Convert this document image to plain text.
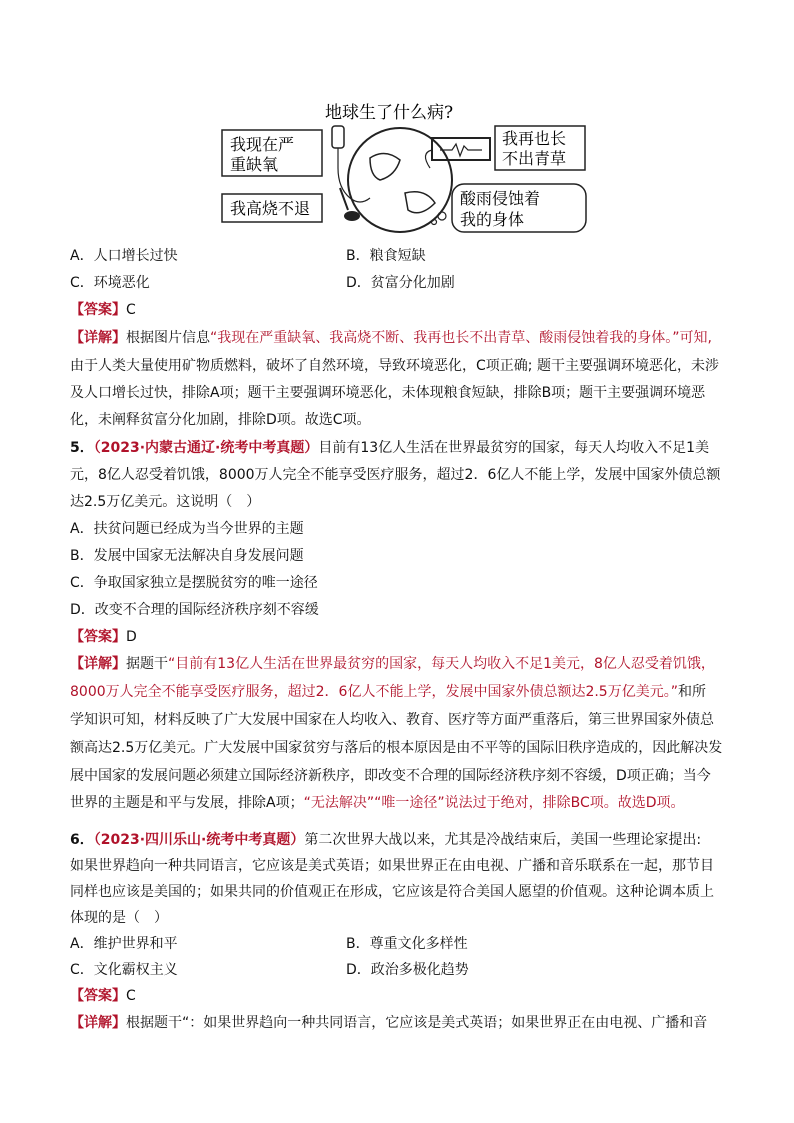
地球生了什么病?
我现在严
重缺氧
我高烧不退
我再也长
不出青草
酸雨侵蚀着
我的身体
A．人口增长过快	B．粮食短缺
C．环境恶化	D．贫富分化加剧
【答案】C
【详解】根据图片信息“我现在严重缺氧、我高烧不断、我再也长不出青草、酸雨侵蚀着我的身体。”可知,
由于人类大量使用矿物质燃料，破坏了自然环境，导致环境恶化，C项正确; 题干主要强调环境恶化，未涉
及人口增长过快，排除A项；题干主要强调环境恶化，未体现粮食短缺，排除B项；题干主要强调环境恶
化，未阐释贫富分化加剧，排除D项。故选C项。
5．（2023·内蒙古通辽·统考中考真题）目前有13亿人生活在世界最贫穷的国家，每天人均收入不足1美
元，8亿人忍受着饥饿，8000万人完全不能享受医疗服务，超过2．6亿人不能上学，发展中国家外债总额
达2.5万亿美元。这说明（　）
A．扶贫问题已经成为当今世界的主题
B．发展中国家无法解决自身发展问题
C．争取国家独立是摆脱贫穷的唯一途径
D．改变不合理的国际经济秩序刻不容缓
【答案】D
【详解】据题干“目前有13亿人生活在世界最贫穷的国家，每天人均收入不足1美元，8亿人忍受着饥饿，
8000万人完全不能享受医疗服务，超过2．6亿人不能上学，发展中国家外债总额达2.5万亿美元。”和所
学知识可知，材料反映了广大发展中国家在人均收入、教育、医疗等方面严重落后，第三世界国家外债总
额高达2.5万亿美元。广大发展中国家贫穷与落后的根本原因是由不平等的国际旧秩序造成的，因此解决发
展中国家的发展问题必须建立国际经济新秩序，即改变不合理的国际经济秩序刻不容缓，D项正确；当今
世界的主题是和平与发展，排除A项；“无法解决”“唯一途径”说法过于绝对，排除BC项。故选D项。
6．（2023·四川乐山·统考中考真题）第二次世界大战以来，尤其是冷战结束后，美国一些理论家提出:
如果世界趋向一种共同语言，它应该是美式英语；如果世界正在由电视、广播和音乐联系在一起，那节目
同样也应该是美国的；如果共同的价值观正在形成，它应该是符合美国人愿望的价值观。这种论调本质上
体现的是（　）
A．维护世界和平	B．尊重文化多样性
C．文化霸权主义	D．政治多极化趋势
【答案】C
【详解】根据题干“：如果世界趋向一种共同语言，它应该是美式英语；如果世界正在由电视、广播和音
